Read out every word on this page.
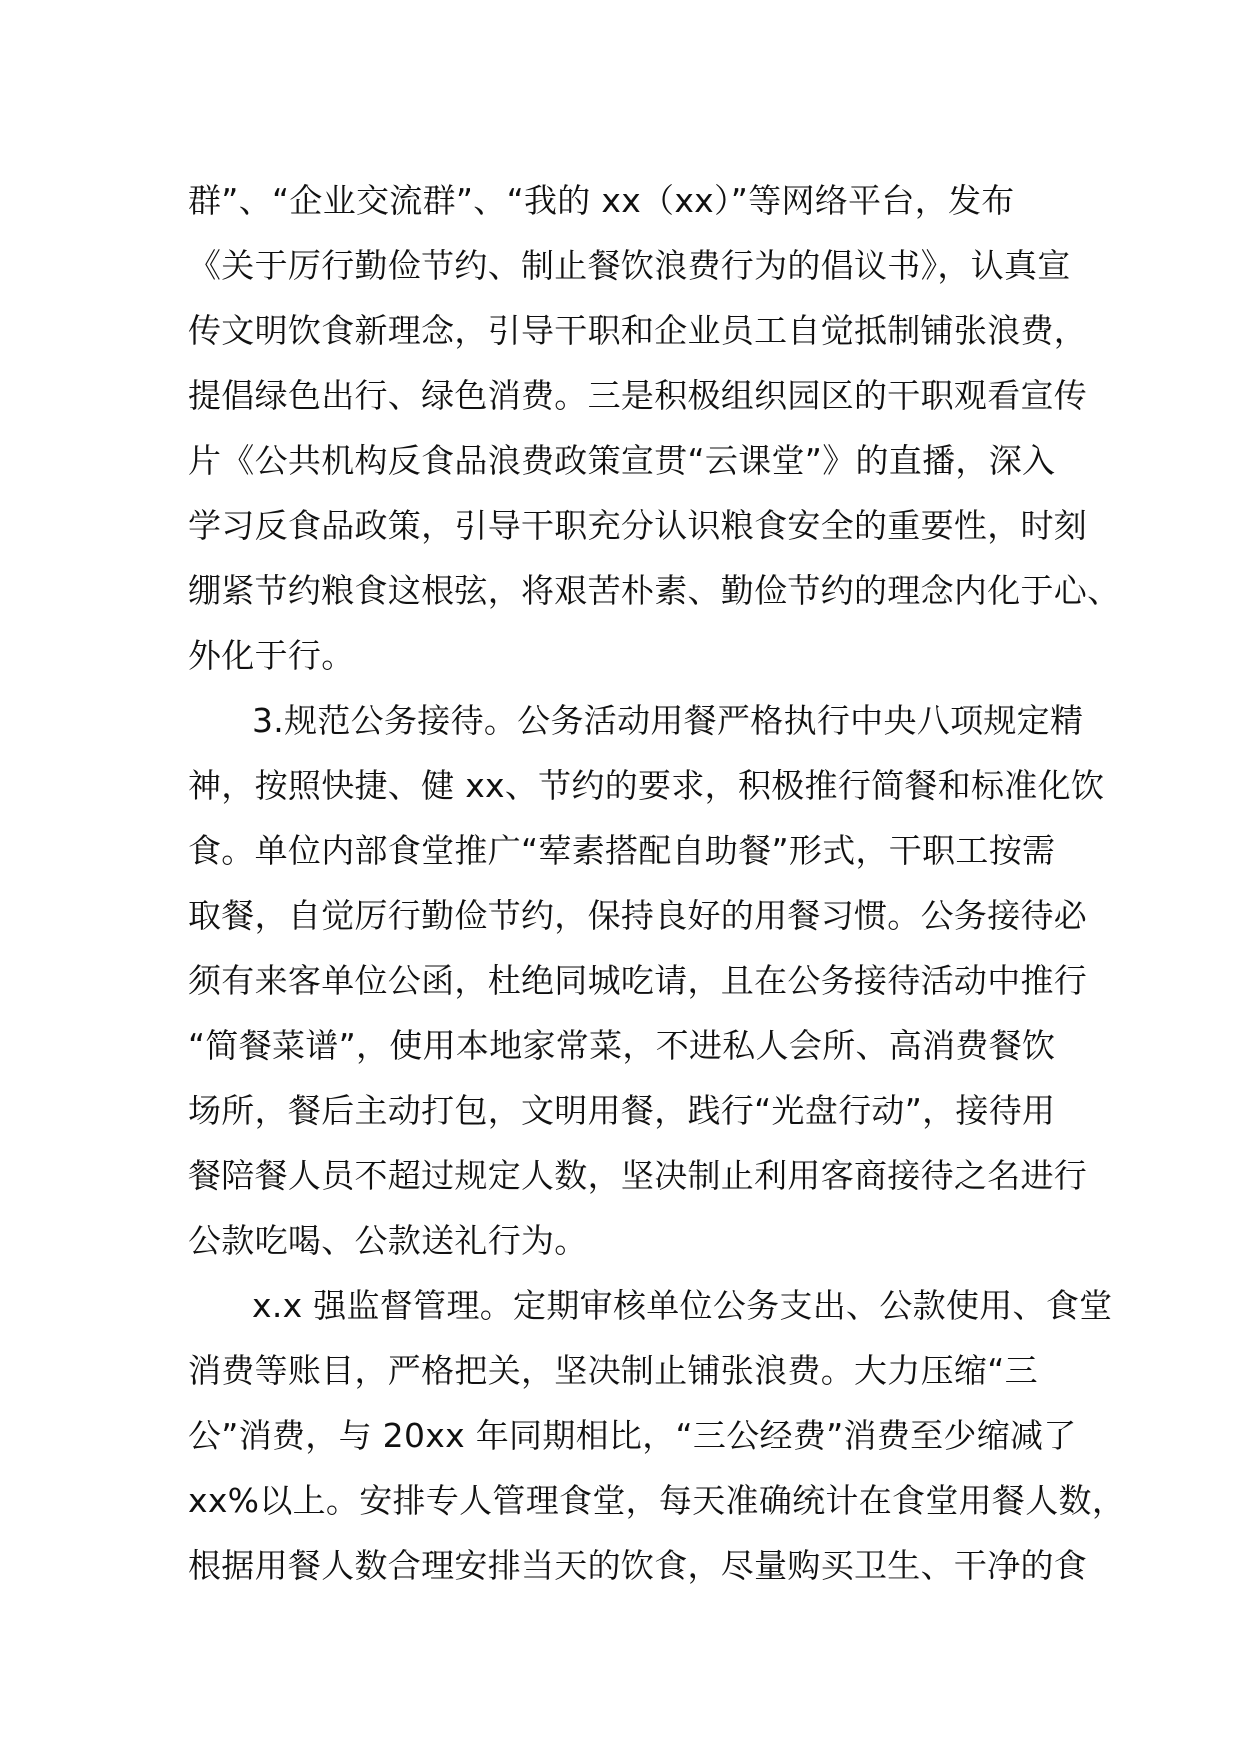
群”、“企业交流群”、“我的 xx（xx）”等网络平台，发布
《关于厉行勤俭节约、制止餐饮浪费行为的倡议书》，认真宣
传文明饮食新理念，引导干职和企业员工自觉抵制铺张浪费，
提倡绿色出行、绿色消费。三是积极组织园区的干职观看宣传
片《公共机构反食品浪费政策宣贯“云课堂”》的直播，深入
学习反食品政策，引导干职充分认识粮食安全的重要性，时刻
绷紧节约粮食这根弦，将艰苦朴素、勤俭节约的理念内化于心、
外化于行。
3.规范公务接待。公务活动用餐严格执行中央八项规定精
神，按照快捷、健 xx、节约的要求，积极推行简餐和标准化饮
食。单位内部食堂推广“荤素搭配自助餐”形式，干职工按需
取餐，自觉厉行勤俭节约，保持良好的用餐习惯。公务接待必
须有来客单位公函，杜绝同城吃请，且在公务接待活动中推行
“简餐菜谱”，使用本地家常菜，不进私人会所、高消费餐饮
场所，餐后主动打包，文明用餐，践行“光盘行动”，接待用
餐陪餐人员不超过规定人数，坚决制止利用客商接待之名进行
公款吃喝、公款送礼行为。
x.x 强监督管理。定期审核单位公务支出、公款使用、食堂
消费等账目，严格把关，坚决制止铺张浪费。大力压缩“三
公”消费，与 20xx 年同期相比，“三公经费”消费至少缩减了
xx%以上。安排专人管理食堂，每天准确统计在食堂用餐人数，
根据用餐人数合理安排当天的饮食，尽量购买卫生、干净的食
